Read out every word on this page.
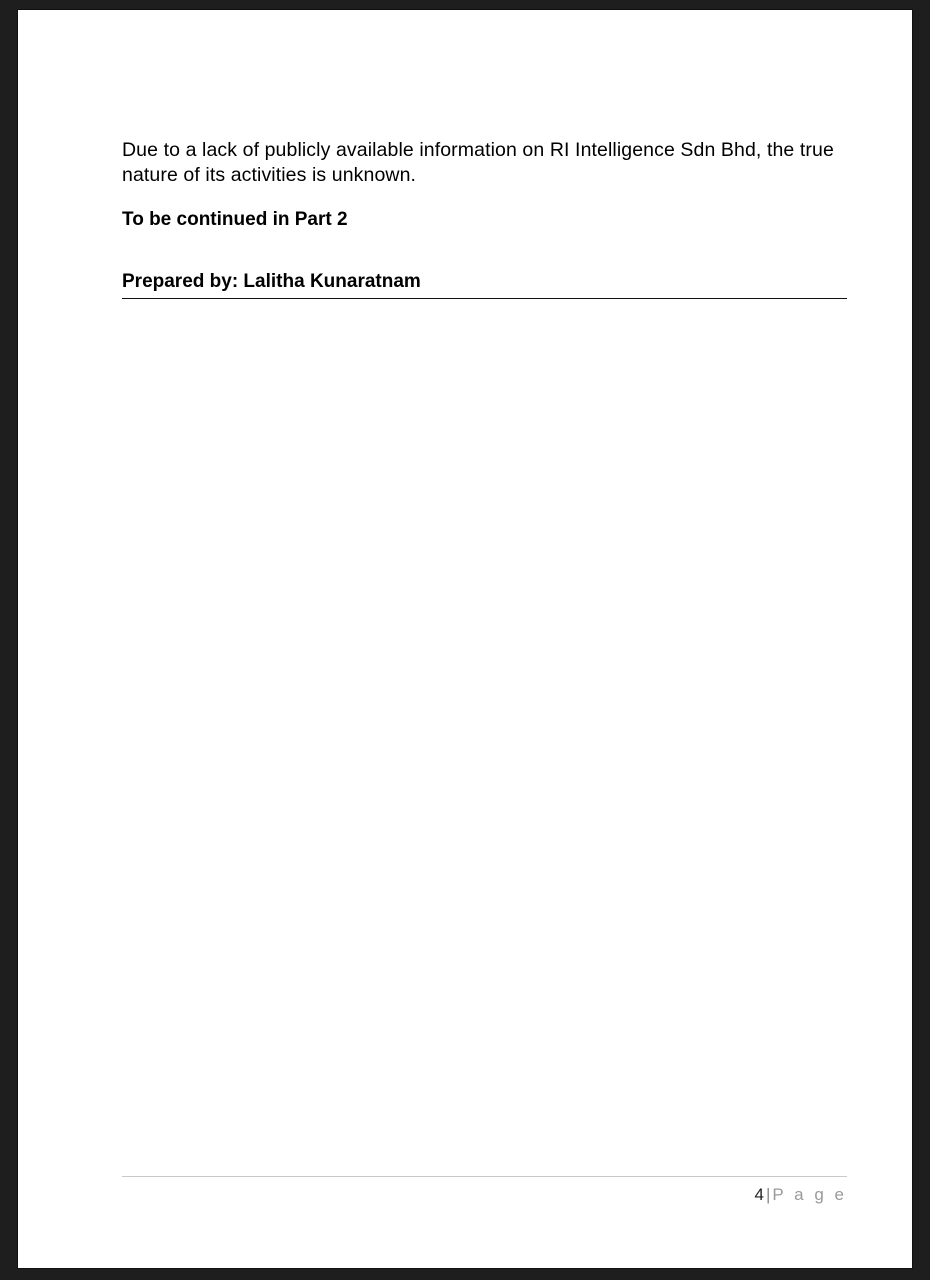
Due to a lack of publicly available information on RI Intelligence Sdn Bhd, the true nature of its activities is unknown.

To be continued in Part 2

Prepared by: Lalitha Kunaratnam

4 | P a g e
